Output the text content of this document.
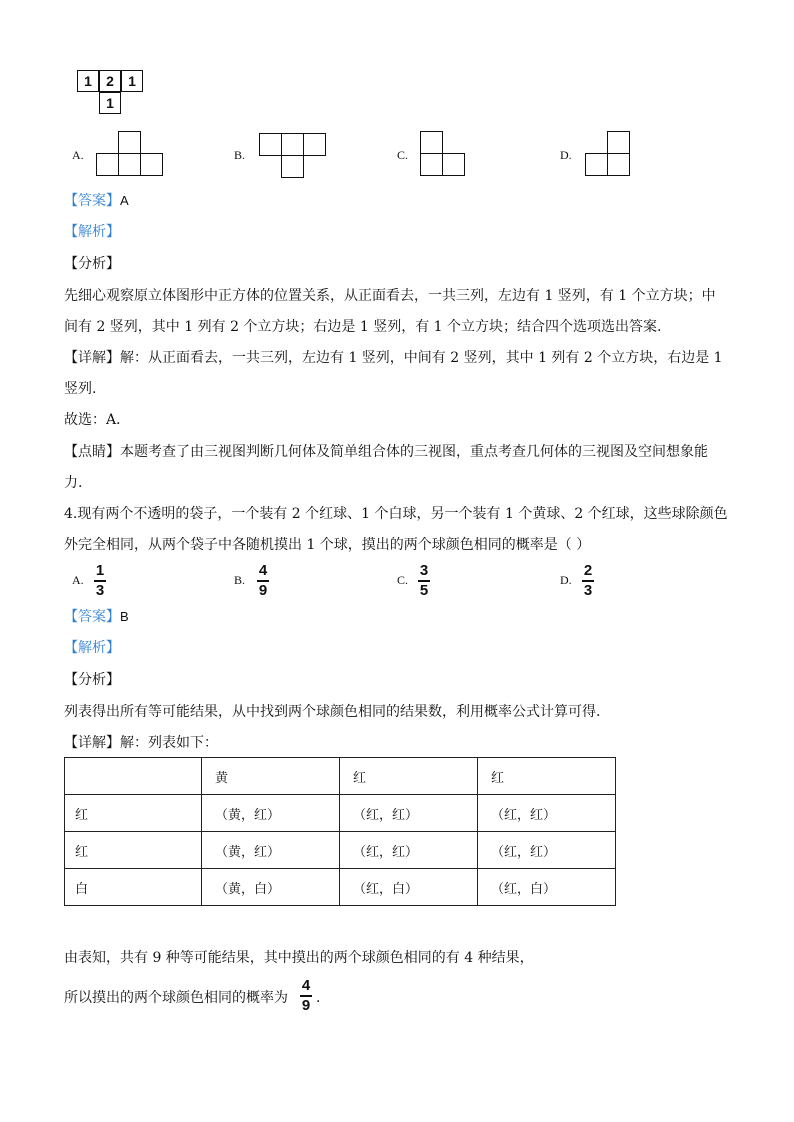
1	2	1
1
A.	B.	C.	D.
【答案】A
【解析】
【分析】
先细心观察原立体图形中正方体的位置关系，从正面看去，一共三列，左边有 1 竖列，有 1 个立方块；中
间有 2 竖列，其中 1 列有 2 个立方块；右边是 1 竖列，有 1 个立方块；结合四个选项选出答案.
【详解】解：从正面看去，一共三列，左边有 1 竖列，中间有 2 竖列，其中 1 列有 2 个立方块，右边是 1
竖列.
故选：A．
【点睛】本题考查了由三视图判断几何体及简单组合体的三视图，重点考查几何体的三视图及空间想象能
力.
4.现有两个不透明的袋子，一个装有 2 个红球、1 个白球，另一个装有 1 个黄球、2 个红球，这些球除颜色
外完全相同，从两个袋子中各随机摸出 1 个球，摸出的两个球颜色相同的概率是（ ）
A.
1
3
B.
4
9
C.
3
5
D.
2
3
【答案】B
【解析】
【分析】
列表得出所有等可能结果，从中找到两个球颜色相同的结果数，利用概率公式计算可得.
【详解】解：列表如下：
	黄	红	红
红	（黄，红）	（红，红）	（红，红）
红	（黄，红）	（红，红）	（红，红）
白	（黄，白）	（红，白）	（红，白）
由表知，共有 9 种等可能结果，其中摸出的两个球颜色相同的有 4 种结果，
所以摸出的两个球颜色相同的概率为
4
9 .
